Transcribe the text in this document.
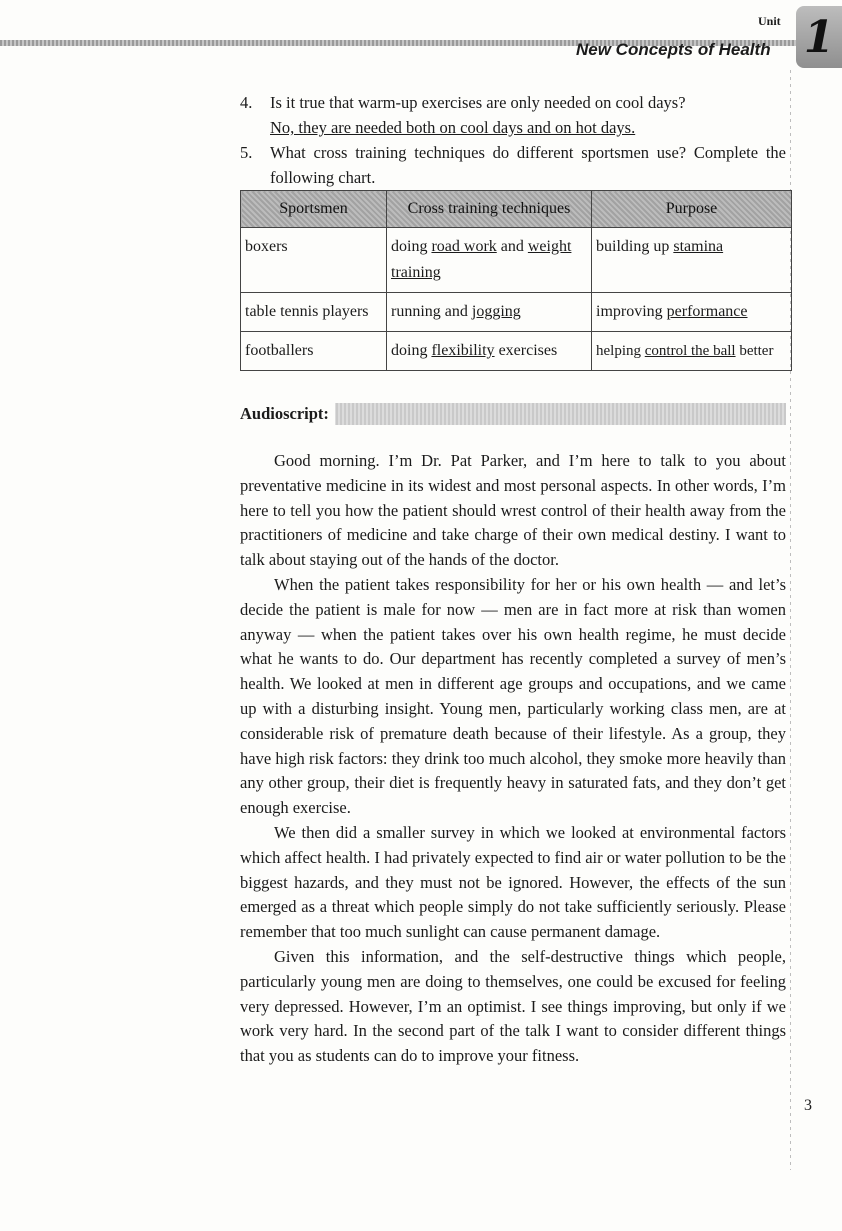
Unit 1
New Concepts of Health
4.	Is it true that warm-up exercises are only needed on cool days?
No, they are needed both on cool days and on hot days.
5.	What cross training techniques do different sportsmen use? Complete the following chart.
Sportsmen	Cross training techniques	Purpose
boxers	doing road work and weight training	building up stamina
table tennis players	running and jogging	improving performance
footballers	doing flexibility exercises	helping control the ball better
Audioscript:

Good morning. I’m Dr. Pat Parker, and I’m here to talk to you about preventative medicine in its widest and most personal aspects. In other words, I’m here to tell you how the patient should wrest control of their health away from the practitioners of medicine and take charge of their own medical destiny. I want to talk about staying out of the hands of the doctor.

When the patient takes responsibility for her or his own health — and let’s decide the patient is male for now — men are in fact more at risk than women anyway — when the patient takes over his own health regime, he must decide what he wants to do. Our department has recently completed a survey of men’s health. We looked at men in different age groups and occupations, and we came up with a disturbing insight. Young men, particularly working class men, are at considerable risk of premature death because of their lifestyle. As a group, they have high risk factors: they drink too much alcohol, they smoke more heavily than any other group, their diet is frequently heavy in saturated fats, and they don’t get enough exercise.

We then did a smaller survey in which we looked at environmental factors which affect health. I had privately expected to find air or water pollution to be the biggest hazards, and they must not be ignored. However, the effects of the sun emerged as a threat which people simply do not take sufficiently seriously. Please remember that too much sunlight can cause permanent damage.

Given this information, and the self-destructive things which people, particularly young men are doing to themselves, one could be excused for feeling very depressed. However, I’m an optimist. I see things improving, but only if we work very hard. In the second part of the talk I want to consider different things that you as students can do to improve your fitness.

3
